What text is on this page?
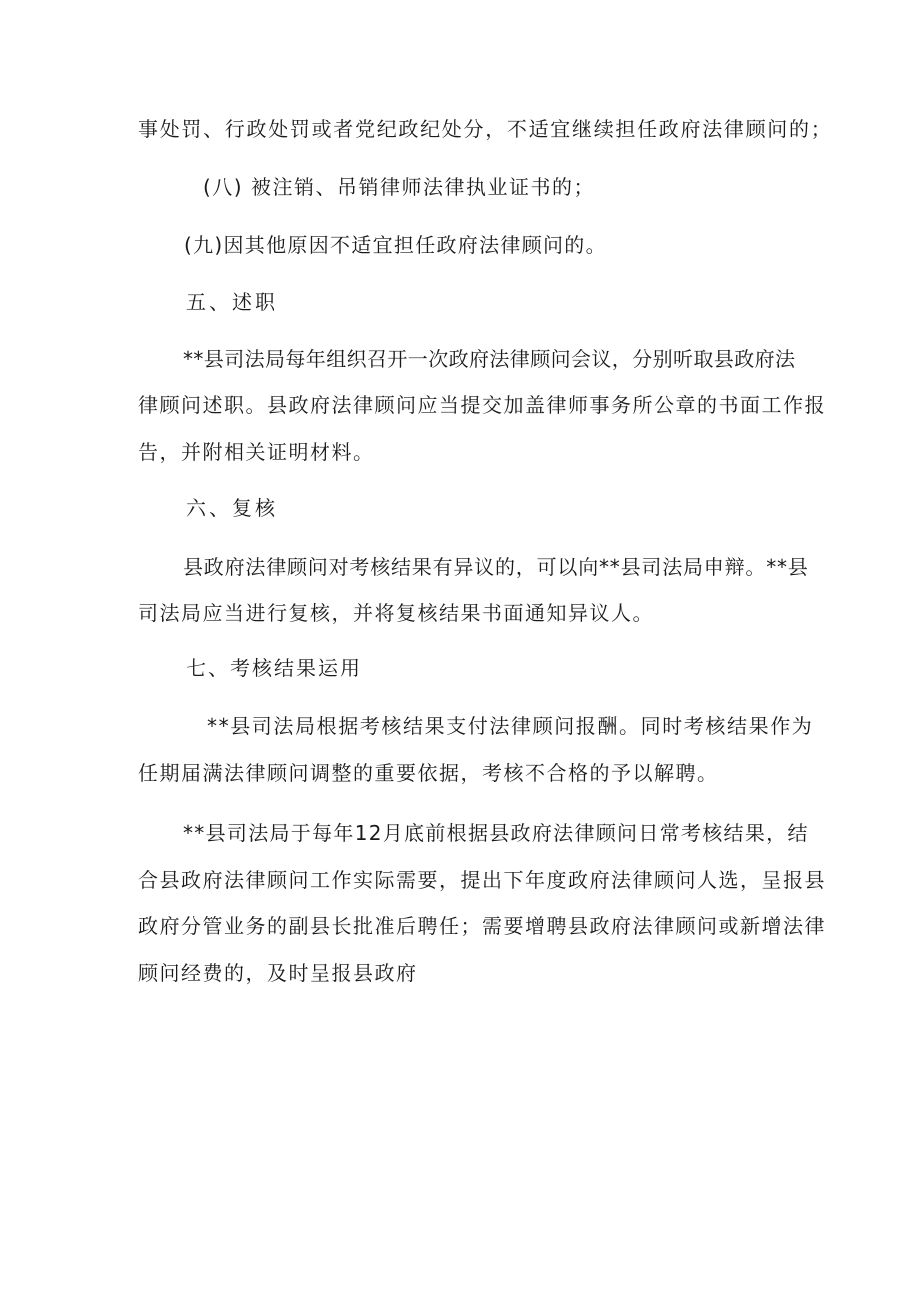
事处罚、行政处罚或者党纪政纪处分，不适宜继续担任政府法律顾问的；
(八) 被注销、吊销律师法律执业证书的；
(九)因其他原因不适宜担任政府法律顾问的。
五、述职
**县司法局每年组织召开一次政府法律顾问会议，分别听取县政府法
律顾问述职。县政府法律顾问应当提交加盖律师事务所公章的书面工作报
告，并附相关证明材料。
六、复核
县政府法律顾问对考核结果有异议的，可以向**县司法局申辩。**县
司法局应当进行复核，并将复核结果书面通知异议人。
七、考核结果运用
**县司法局根据考核结果支付法律顾问报酬。同时考核结果作为
任期届满法律顾问调整的重要依据，考核不合格的予以解聘。
**县司法局于每年12月底前根据县政府法律顾问日常考核结果，结
合县政府法律顾问工作实际需要，提出下年度政府法律顾问人选，呈报县
政府分管业务的副县长批准后聘任；需要增聘县政府法律顾问或新增法律
顾问经费的，及时呈报县政府
